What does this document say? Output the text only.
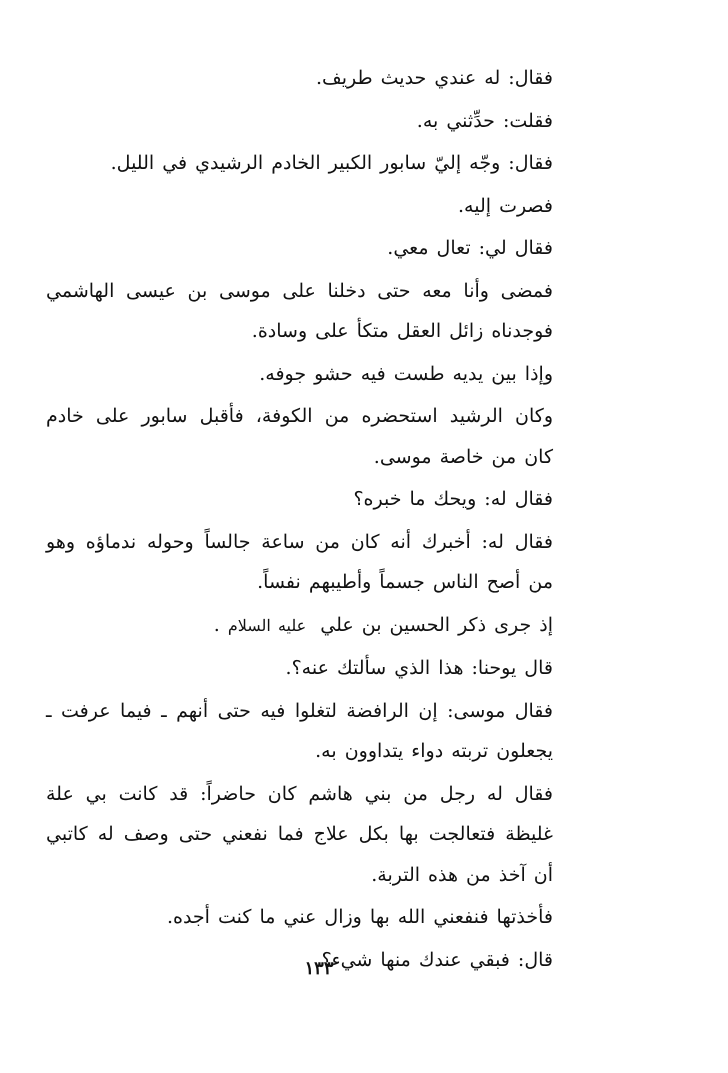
فقال: له عندي حديث طريف.

فقلت: حدِّثني به.

فقال: وجّه إليّ سابور الكبير الخادم الرشيدي في الليل.

فصرت إليه.

فقال لي: تعال معي.

فمضى وأنا معه حتى دخلنا على موسى بن عيسى الهاشمي فوجدناه زائل العقل متكأ على وسادة.

وإذا بين يديه طست فيه حشو جوفه.

وكان الرشيد استحضره من الكوفة، فأقبل سابور على خادم كان من خاصة موسى.

فقال له: ويحك ما خبره؟

فقال له: أخبرك أنه كان من ساعة جالساً وحوله ندماؤه وهو من أصح الناس جسماً وأطيبهم نفساً.

إذ جرى ذكر الحسين بن علي عليه السلام .

قال يوحنا: هذا الذي سألتك عنه؟.

فقال موسى: إن الرافضة لتغلوا فيه حتى أنهم ـ فيما عرفت ـ يجعلون تربته دواء يتداوون به.

فقال له رجل من بني هاشم كان حاضراً: قد كانت بي علة غليظة فتعالجت بها بكل علاج فما نفعني حتى وصف له كاتبي أن آخذ من هذه التربة.

فأخذتها فنفعني الله بها وزال عني ما كنت أجده.

قال: فبقي عندك منها شيء؟

١٣٣
